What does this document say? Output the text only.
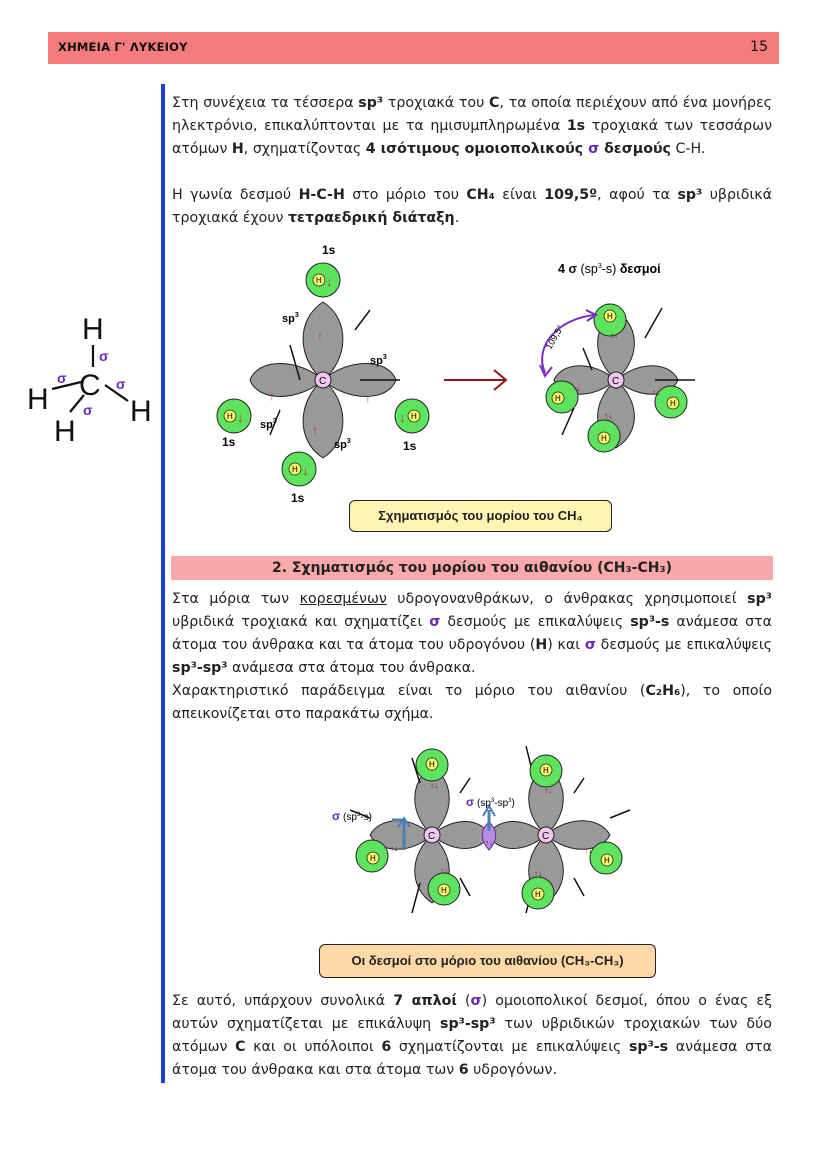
ΧΗΜΕΙΑ Γ' ΛΥΚΕΙΟΥ	15

Στη συνέχεια τα τέσσερα sp³ τροχιακά του C, τα οποία περιέχουν από ένα μονήρες ηλεκτρόνιο, επικαλύπτονται με τα ημισυμπληρωμένα 1s τροχιακά των τεσσάρων ατόμων H, σχηματίζοντας 4 ισότιμους ομοιοπολικούς σ δεσμούς C-H.

Η γωνία δεσμού H-C-H στο μόριο του CH₄ είναι 109,5º, αφού τα sp³ υβριδικά τροχιακά έχουν τετραεδρική διάταξη.

H
C
H	H
H
σ
σ	σ
σ
1s
H ↓
↑
↑
↑
↑
C
$sp^3$
$sp^3$
$sp^3$
$sp^3$
H ↓
1s
H
↓
1s
H ↓
1s
4 σ $(sp^3-s)$ δεσμοί
H
↑↓
H
↑↓
H
↑↓
H
↑↓
C
109,5°
Σχηματισμός του μορίου του CH₄
2. Σχηματισμός του μορίου του αιθανίου (CH₃-CH₃)

Στα μόρια των κορεσμένων υδρογονανθράκων, ο άνθρακας χρησιμοποιεί sp³ υβριδικά τροχιακά και σχηματίζει σ δεσμούς με επικαλύψεις sp³-s ανάμεσα στα άτομα του άνθρακα και τα άτομα του υδρογόνου (H) και σ δεσμούς με επικαλύψεις sp³-sp³ ανάμεσα στα άτομα του άνθρακα.

Χαρακτηριστικό παράδειγμα είναι το μόριο του αιθανίου (C₂H₆), το οποίο απεικονίζεται στο παρακάτω σχήμα.

H
↑↓
H
↑↓
H
↑↓
H
↑↓
H
↑↓
H
↑↓
C	C
↑↓
σ $(sp^3-s)$
σ $(sp^3-sp^3)$
Οι δεσμοί στο μόριο του αιθανίου (CH₃-CH₃)

Σε αυτό, υπάρχουν συνολικά 7 απλοί (σ) ομοιοπολικοί δεσμοί, όπου ο ένας εξ αυτών σχηματίζεται με επικάλυψη sp³-sp³ των υβριδικών τροχιακών των δύο ατόμων C και οι υπόλοιποι 6 σχηματίζονται με επικαλύψεις sp³-s ανάμεσα στα άτομα του άνθρακα και στα άτομα των 6 υδρογόνων.
